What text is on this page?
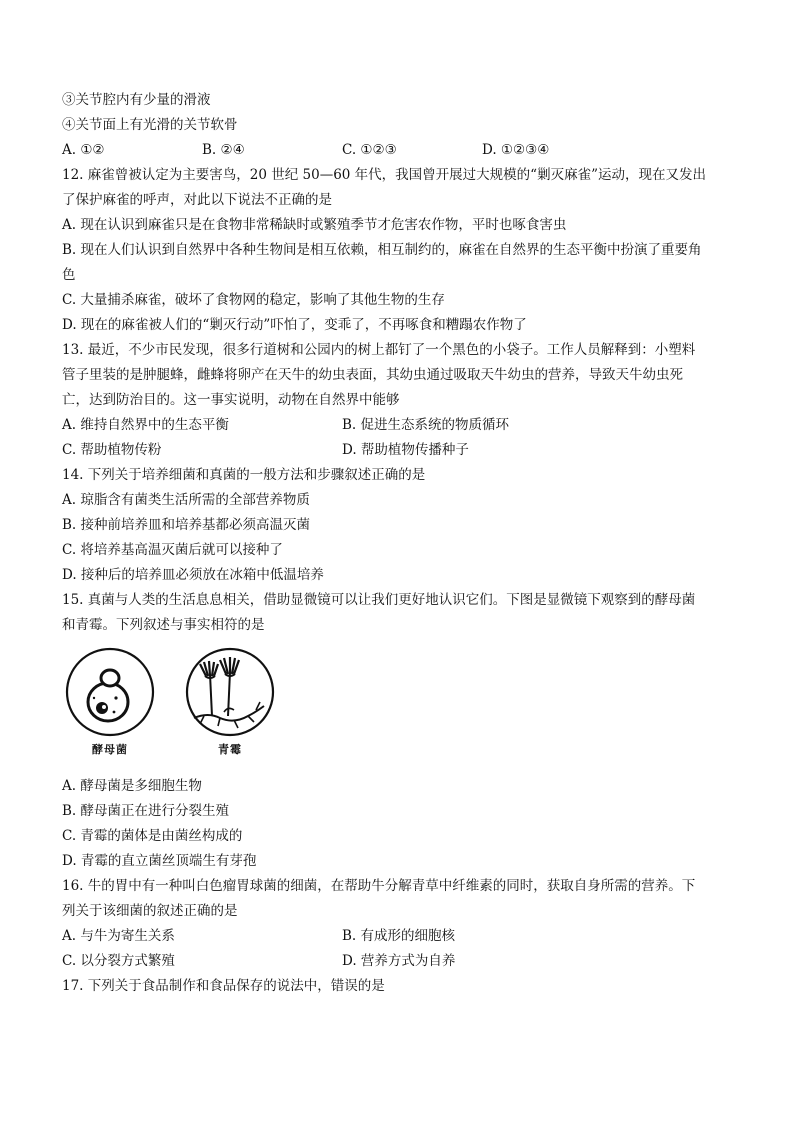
③关节腔内有少量的滑液
④关节面上有光滑的关节软骨
A. ①②	B. ②④	C. ①②③	D. ①②③④
12. 麻雀曾被认定为主要害鸟，20 世纪 50—60 年代，我国曾开展过大规模的“剿灭麻雀”运动，现在又发出
了保护麻雀的呼声，对此以下说法不正确的是
A. 现在认识到麻雀只是在食物非常稀缺时或繁殖季节才危害农作物，平时也啄食害虫
B. 现在人们认识到自然界中各种生物间是相互依赖，相互制约的，麻雀在自然界的生态平衡中扮演了重要角
色
C. 大量捕杀麻雀，破坏了食物网的稳定，影响了其他生物的生存
D. 现在的麻雀被人们的“剿灭行动”吓怕了，变乖了，不再啄食和糟蹋农作物了
13. 最近，不少市民发现，很多行道树和公园内的树上都钉了一个黑色的小袋子。工作人员解释到：小塑料
管子里装的是肿腿蜂，雌蜂将卵产在天牛的幼虫表面，其幼虫通过吸取天牛幼虫的营养，导致天牛幼虫死
亡，达到防治目的。这一事实说明，动物在自然界中能够
A. 维持自然界中的生态平衡	B. 促进生态系统的物质循环
C. 帮助植物传粉	D. 帮助植物传播种子
14. 下列关于培养细菌和真菌的一般方法和步骤叙述正确的是
A. 琼脂含有菌类生活所需的全部营养物质
B. 接种前培养皿和培养基都必须高温灭菌
C. 将培养基高温灭菌后就可以接种了
D. 接种后的培养皿必须放在冰箱中低温培养
15. 真菌与人类的生活息息相关，借助显微镜可以让我们更好地认识它们。下图是显微镜下观察到的酵母菌
和青霉。下列叙述与事实相符的是
酵母菌	青霉
A. 酵母菌是多细胞生物
B. 酵母菌正在进行分裂生殖
C. 青霉的菌体是由菌丝构成的
D. 青霉的直立菌丝顶端生有芽孢
16. 牛的胃中有一种叫白色瘤胃球菌的细菌，在帮助牛分解青草中纤维素的同时，获取自身所需的营养。下
列关于该细菌的叙述正确的是
A. 与牛为寄生关系	B. 有成形的细胞核
C. 以分裂方式繁殖	D. 营养方式为自养
17. 下列关于食品制作和食品保存的说法中，错误的是
